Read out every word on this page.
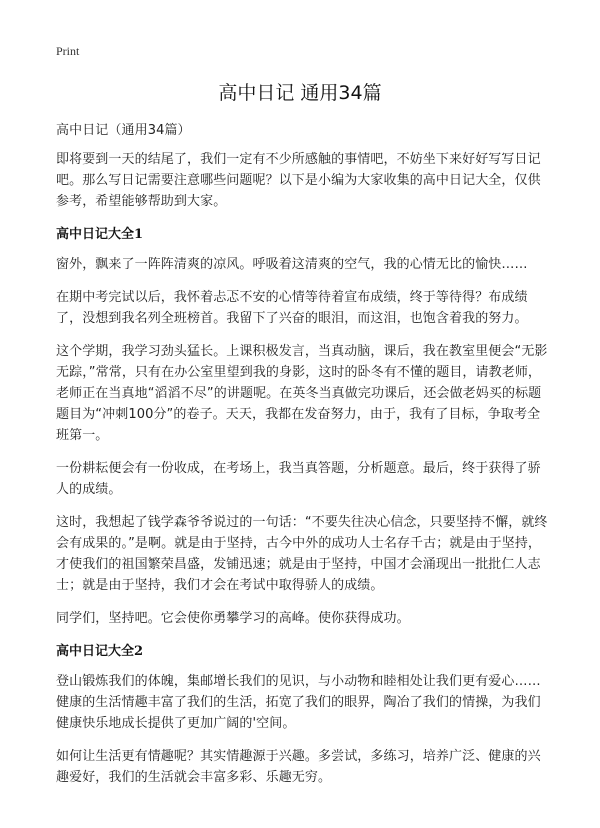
Print
高中日记 通用34篇

高中日记（通用34篇）

即将要到一天的结尾了，我们一定有不少所感触的事情吧，不妨坐下来好好写写日记吧。那么写日记需要注意哪些问题呢？以下是小编为大家收集的高中日记大全，仅供参考，希望能够帮助到大家。

高中日记大全1

窗外，飘来了一阵阵清爽的凉风。呼吸着这清爽的空气，我的心情无比的愉快……

在期中考完试以后，我怀着忐忑不安的心情等待着宣布成绩，终于等待得？布成绩了，没想到我名列全班榜首。我留下了兴奋的眼泪，而这泪，也饱含着我的努力。

这个学期，我学习劲头猛长。上课积极发言，当真动脑，课后，我在教室里便会“无影无踪，”常常，只有在办公室里望到我的身影，这时的卧冬有不懂的题目，请教老师，老师正在当真地“滔滔不尽”的讲题呢。在英冬当真做完功课后，还会做老妈买的标题题目为“冲刺100分”的卷子。天天，我都在发奋努力，由于，我有了目标，争取考全班第一。

一份耕耘便会有一份收成，在考场上，我当真答题，分析题意。最后，终于获得了骄人的成绩。

这时，我想起了钱学森爷爷说过的一句话：“不要失往决心信念，只要坚持不懈，就终会有成果的。”是啊。就是由于坚持，古今中外的成功人士名存千古；就是由于坚持，才使我们的祖国繁荣昌盛，发铺迅速；就是由于坚持，中国才会涌现出一批批仁人志士；就是由于坚持，我们才会在考试中取得骄人的成绩。

同学们，坚持吧。它会使你勇攀学习的高峰。使你获得成功。

高中日记大全2

登山锻炼我们的体魄，集邮增长我们的见识，与小动物和睦相处让我们更有爱心……健康的生活情趣丰富了我们的生活，拓宽了我们的眼界，陶冶了我们的情操，为我们健康快乐地成长提供了更加广阔的'空间。

如何让生活更有情趣呢？其实情趣源于兴趣。多尝试，多练习，培养广泛、健康的兴趣爱好，我们的生活就会丰富多彩、乐趣无穷。
